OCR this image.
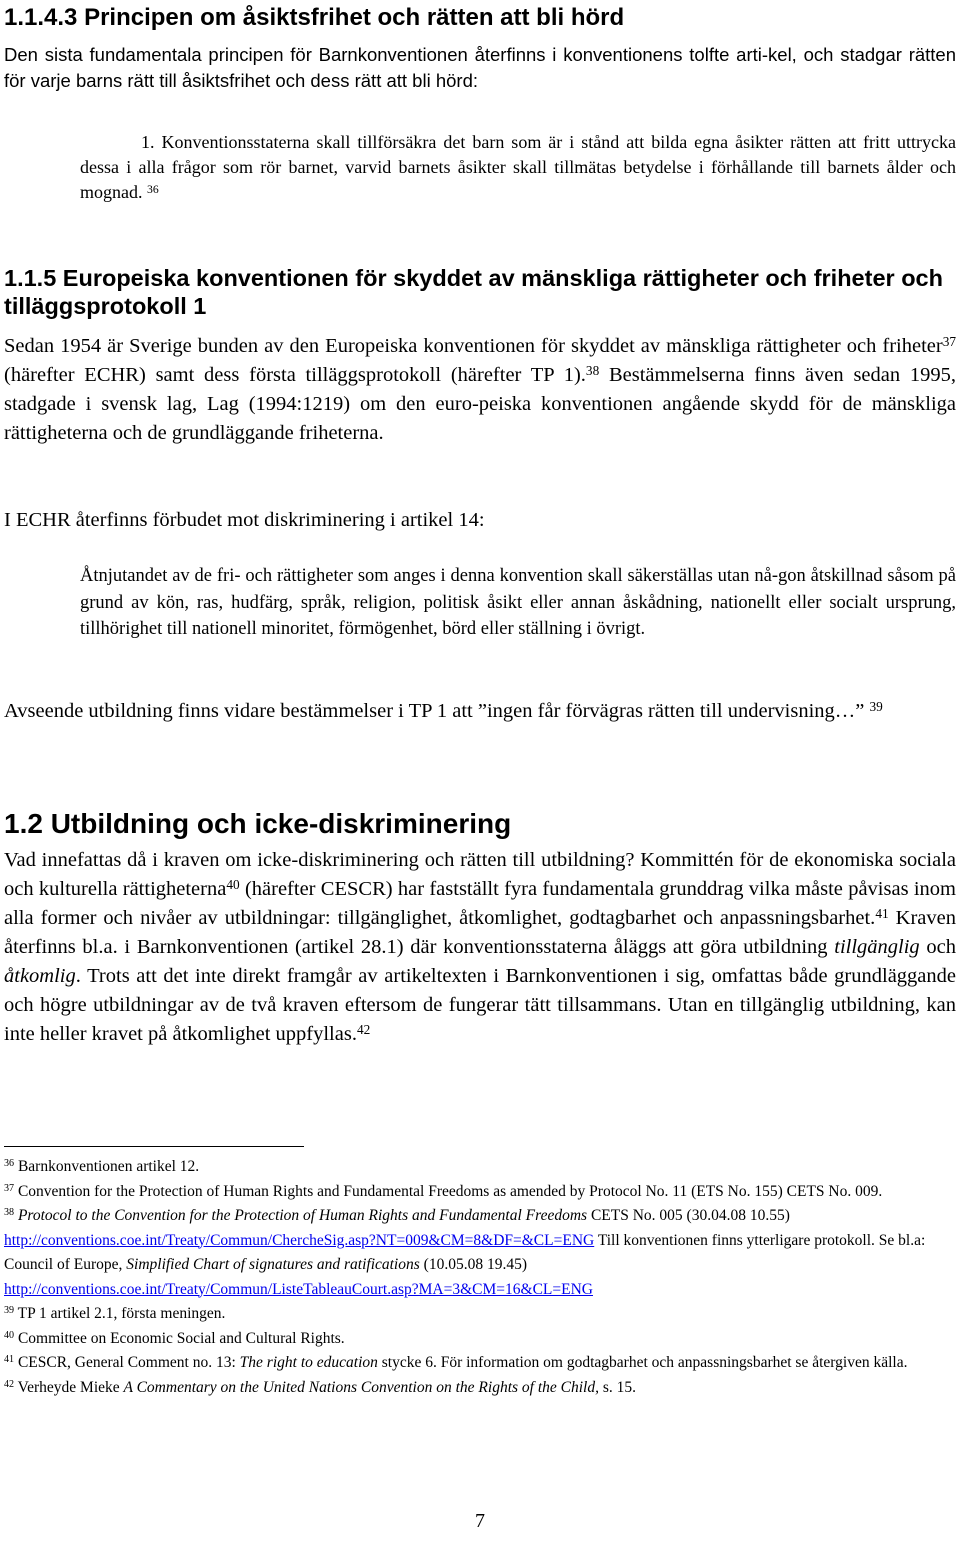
1.1.4.3 Principen om åsiktsfrihet och rätten att bli hörd

Den sista fundamentala principen för Barnkonventionen återfinns i konventionens tolfte arti-kel, och stadgar rätten för varje barns rätt till åsiktsfrihet och dess rätt att bli hörd:

1. Konventionsstaterna skall tillförsäkra det barn som är i stånd att bilda egna åsikter rätten att fritt uttrycka dessa i alla frågor som rör barnet, varvid barnets åsikter skall tillmätas betydelse i förhållande till barnets ålder och mognad. $^{36}$

1.1.5 Europeiska konventionen för skyddet av mänskliga rättigheter och friheter och tilläggsprotokoll 1

Sedan 1954 är Sverige bunden av den Europeiska konventionen för skyddet av mänskliga rättigheter och friheter$^{37}$ (härefter ECHR) samt dess första tilläggsprotokoll (härefter TP 1).$^{38}$ Bestämmelserna finns även sedan 1995, stadgade i svensk lag, Lag (1994:1219) om den euro-peiska konventionen angående skydd för de mänskliga rättigheterna och de grundläggande friheterna.

I ECHR återfinns förbudet mot diskriminering i artikel 14:

Åtnjutandet av de fri- och rättigheter som anges i denna konvention skall säkerställas utan nå-gon åtskillnad såsom på grund av kön, ras, hudfärg, språk, religion, politisk åsikt eller annan åskådning, nationellt eller socialt ursprung, tillhörighet till nationell minoritet, förmögenhet, börd eller ställning i övrigt.

Avseende utbildning finns vidare bestämmelser i TP 1 att ”ingen får förvägras rätten till undervisning…” $^{39}$

1.2 Utbildning och icke-diskriminering

Vad innefattas då i kraven om icke-diskriminering och rätten till utbildning? Kommittén för de ekonomiska sociala och kulturella rättigheterna$^{40}$ (härefter CESCR) har fastställt fyra fundamentala grunddrag vilka måste påvisas inom alla former och nivåer av utbildningar: tillgänglighet, åtkomlighet, godtagbarhet och anpassningsbarhet.$^{41}$ Kraven återfinns bl.a. i Barnkonventionen (artikel 28.1) där konventionsstaterna åläggs att göra utbildning tillgänglig och åtkomlig. Trots att det inte direkt framgår av artikeltexten i Barnkonventionen i sig, omfattas både grundläggande och högre utbildningar av de två kraven eftersom de fungerar tätt tillsammans. Utan en tillgänglig utbildning, kan inte heller kravet på åtkomlighet uppfyllas.$^{42}$

$^{36}$ Barnkonventionen artikel 12.

$^{37}$ Convention for the Protection of Human Rights and Fundamental Freedoms as amended by Protocol No. 11 (ETS No. 155) CETS No. 009.

$^{38}$ Protocol to the Convention for the Protection of Human Rights and Fundamental Freedoms CETS No. 005 (30.04.08 10.55) http://conventions.coe.int/Treaty/Commun/ChercheSig.asp?NT=009&CM=8&DF=&CL=ENG Till konventionen finns ytterligare protokoll. Se bl.a: Council of Europe, Simplified Chart of signatures and ratifications (10.05.08 19.45)
http://conventions.coe.int/Treaty/Commun/ListeTableauCourt.asp?MA=3&CM=16&CL=ENG

$^{39}$ TP 1 artikel 2.1, första meningen.

$^{40}$ Committee on Economic Social and Cultural Rights.

$^{41}$ CESCR, General Comment no. 13: The right to education stycke 6. För information om godtagbarhet och anpassningsbarhet se återgiven källa.

$^{42}$ Verheyde Mieke A Commentary on the United Nations Convention on the Rights of the Child, s. 15.

7
